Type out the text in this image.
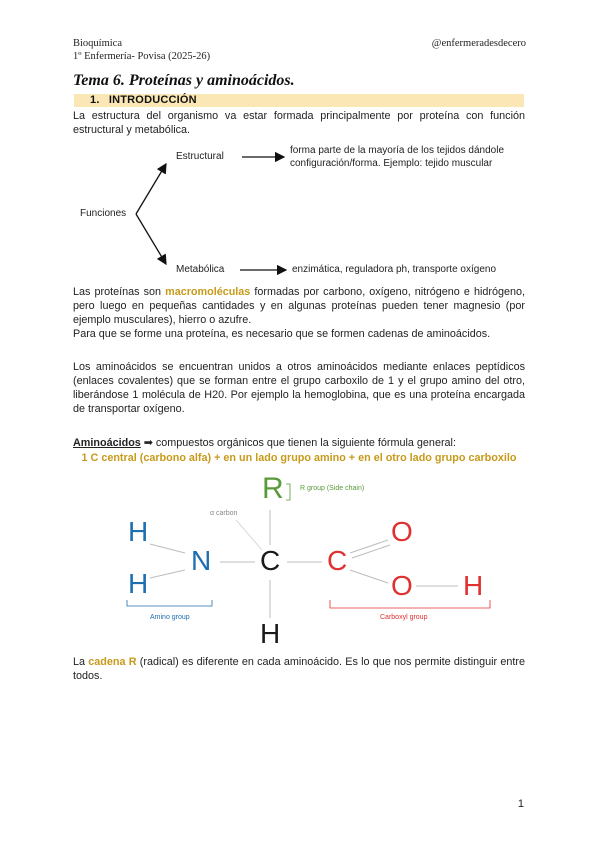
Bioquímica
1º Enfermería- Povisa (2025-26)
@enfermeradesdecero
Tema 6. Proteínas y aminoácidos.
1. INTRODUCCIÓN
La estructura del organismo va estar formada principalmente por proteína con función estructural y metabólica.
Funciones
Estructural
forma parte de la mayoría de los tejidos dándole
configuración/forma. Ejemplo: tejido muscular
Metabólica	enzimática, reguladora ph, transporte oxígeno
Las proteínas son macromoléculas formadas por carbono, oxígeno, nitrógeno e hidrógeno, pero luego en pequeñas cantidades y en algunas proteínas pueden tener magnesio (por ejemplo musculares), hierro o azufre.
Para que se forme una proteína, es necesario que se formen cadenas de aminoácidos.
Los aminoácidos se encuentran unidos a otros aminoácidos mediante enlaces peptídicos (enlaces covalentes) que se forman entre el grupo carboxilo de 1 y el grupo amino del otro, liberándose 1 molécula de H20. Por ejemplo la hemoglobina, que es una proteína encargada de transportar oxígeno.
Aminoácidos ➡ compuestos orgánicos que tienen la siguiente fórmula general:
1 C central (carbono alfa) + en un lado grupo amino + en el otro lado grupo carboxilo
R R group (Side chain)
α carbon
H
H
N C C
O
O H
H
Amino group	Carboxyl group
La cadena R (radical) es diferente en cada aminoácido. Es lo que nos permite distinguir entre todos.
1
